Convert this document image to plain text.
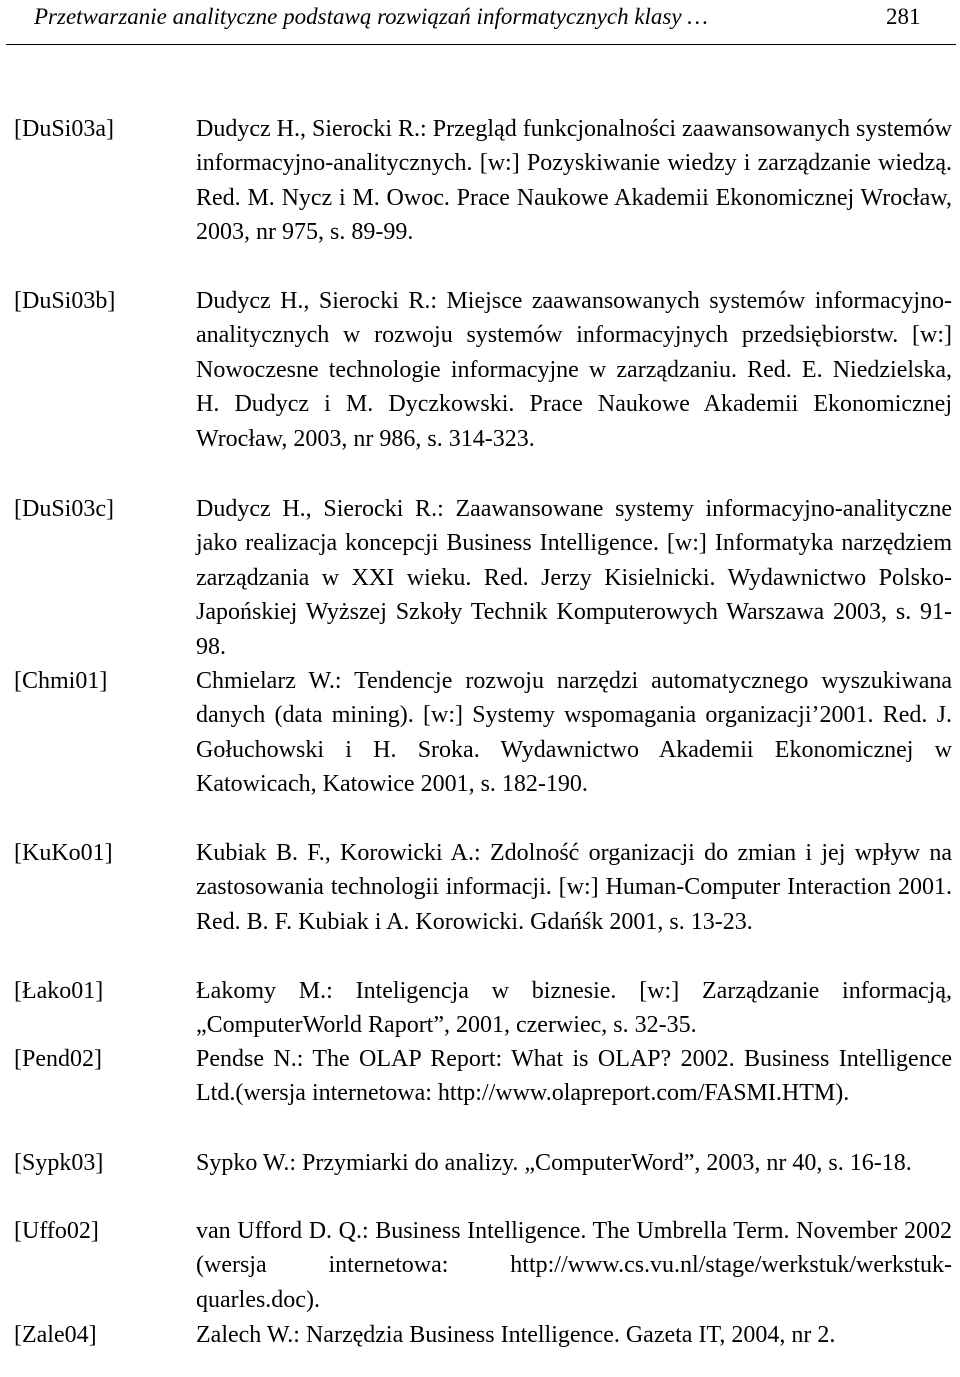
Przetwarzanie analityczne podstawą rozwiązań informatycznych klasy …	281
[DuSi03a]	Dudycz H., Sierocki R.: Przegląd funkcjonalności zaawansowanych systemów informacyjno-analitycznych. [w:] Pozyskiwanie wiedzy i zarządzanie wiedzą. Red. M. Nycz i M. Owoc. Prace Naukowe Akademii Ekonomicznej Wrocław, 2003, nr 975, s. 89-99.
[DuSi03b]	Dudycz H., Sierocki R.: Miejsce zaawansowanych systemów informacyjno-analitycznych w rozwoju systemów informacyjnych przedsiębiorstw. [w:] Nowoczesne technologie informacyjne w zarządzaniu. Red. E. Niedzielska, H. Dudycz i M. Dyczkowski. Prace Naukowe Akademii Ekonomicznej Wrocław, 2003, nr 986, s. 314-323.
[DuSi03c]	Dudycz H., Sierocki R.: Zaawansowane systemy informacyjno-analityczne jako realizacja koncepcji Business Intelligence. [w:] Informatyka narzędziem zarządzania w XXI wieku. Red. Jerzy Kisielnicki. Wydawnictwo Polsko-Japońskiej Wyższej Szkoły Technik Komputerowych Warszawa 2003, s. 91-98.
[Chmi01]	Chmielarz W.: Tendencje rozwoju narzędzi automatycznego wyszukiwana danych (data mining). [w:] Systemy wspomagania organizacji’2001. Red. J. Gołuchowski i H. Sroka. Wydawnictwo Akademii Ekonomicznej w Katowicach, Katowice 2001, s. 182-190.
[KuKo01]	Kubiak B. F., Korowicki A.: Zdolność organizacji do zmian i jej wpływ na zastosowania technologii informacji. [w:] Human-Computer Interaction 2001. Red. B. F. Kubiak i A. Korowicki. Gdańśk 2001, s. 13-23.
[Łako01]	Łakomy M.: Inteligencja w biznesie. [w:] Zarządzanie informacją, „ComputerWorld Raport”, 2001, czerwiec, s. 32-35.
[Pend02]	Pendse N.: The OLAP Report: What is OLAP? 2002. Business Intelligence Ltd.(wersja internetowa: http://www.olapreport.com/FASMI.HTM).
[Sypk03]	Sypko W.: Przymiarki do analizy. „ComputerWord”, 2003, nr 40, s. 16-18.
[Uffo02]	van Ufford D. Q.: Business Intelligence. The Umbrella Term. November 2002 (wersja internetowa: http://www.cs.vu.nl/stage/werkstuk/werkstuk-quarles.doc).
[Zale04]	Zalech W.: Narzędzia Business Intelligence. Gazeta IT, 2004, nr 2.
